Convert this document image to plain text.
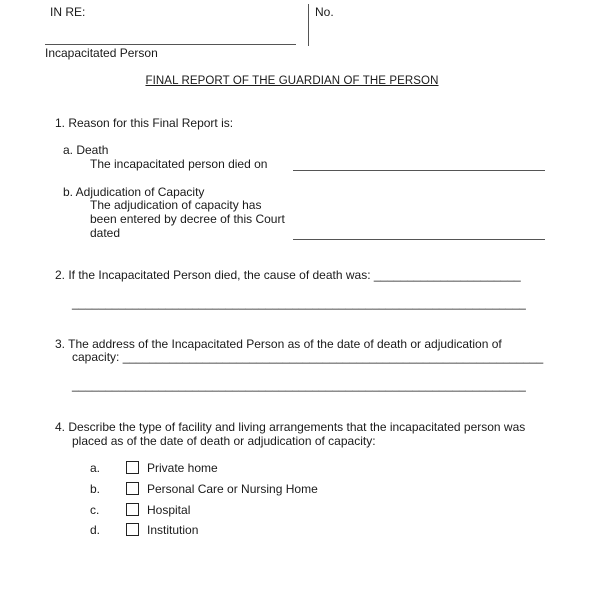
IN RE:	No.
Incapacitated Person
FINAL REPORT OF THE GUARDIAN OF THE PERSON
1. Reason for this Final Report is:
a. Death
The incapacitated person died on
b. Adjudication of Capacity
The adjudication of capacity has
been entered by decree of this Court
dated
2. If the Incapacitated Person died, the cause of death was: ______________________
____________________________________________________________________
3. The address of the Incapacitated Person as of the date of death or adjudication of
capacity: _______________________________________________________________
____________________________________________________________________
4. Describe the type of facility and living arrangements that the incapacitated person was
placed as of the date of death or adjudication of capacity:
a.	Private home
b.	Personal Care or Nursing Home
c.	Hospital
d.	Institution
